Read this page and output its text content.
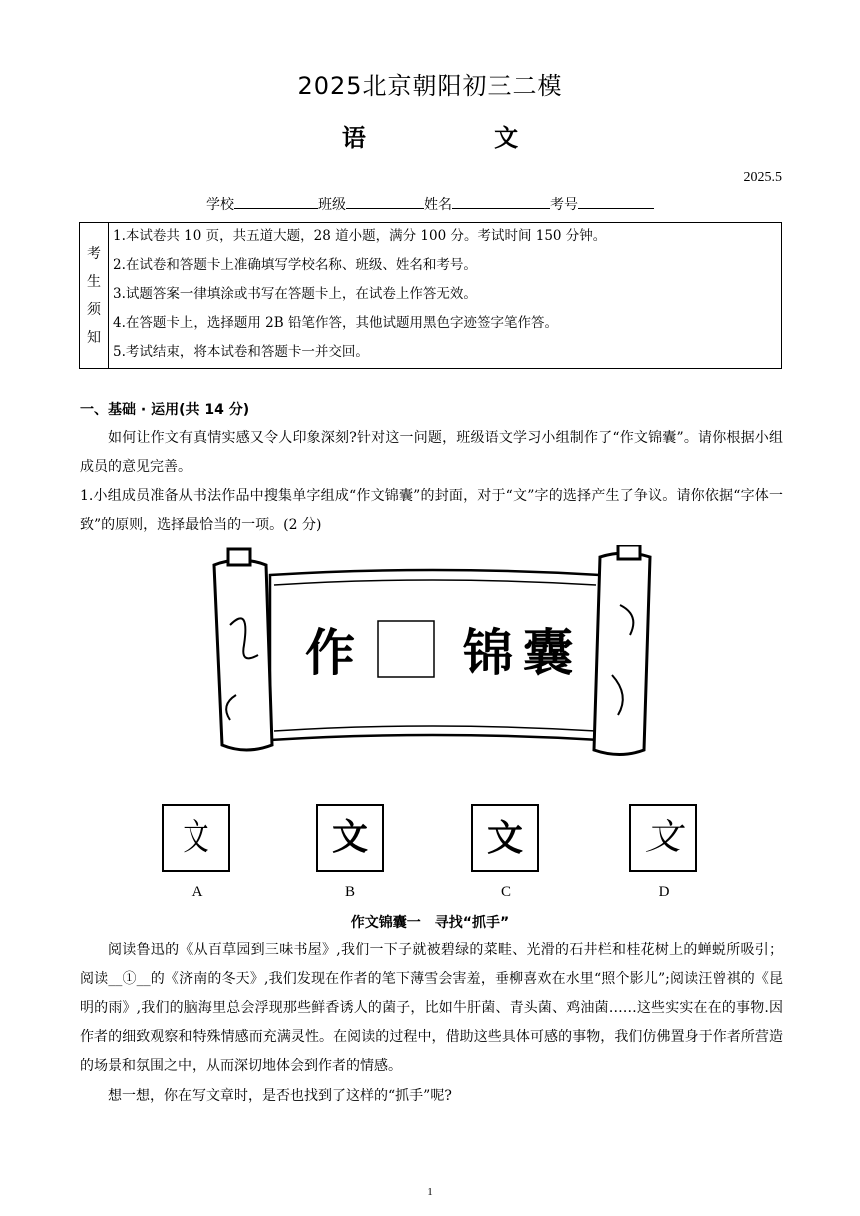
2025北京朝阳初三二模
语 文
2025.5
学校	班级	姓名	考号
考
生
须
知

1.本试卷共 10 页，共五道大题，28 道小题，满分 100 分。考试时间 150 分钟。
2.在试卷和答题卡上准确填写学校名称、班级、姓名和考号。
3.试题答案一律填涂或书写在答题卡上，在试卷上作答无效。
4.在答题卡上，选择题用 2B 铅笔作答，其他试题用黑色字迹签字笔作答。
5.考试结束，将本试卷和答题卡一并交回。
一、基础 · 运用(共 14 分)
如何让作文有真情实感又令人印象深刻?针对这一问题，班级语文学习小组制作了“作文锦囊”。请你根据小组成员的意见完善。
1.小组成员准备从书法作品中搜集单字组成“作文锦囊”的封面，对于“文”字的选择产生了争议。请你依据“字体一致”的原则，选择最恰当的一项。(2 分)
作 锦 囊
文	文	文	文
A	B	C	D
作文锦囊一　寻找“抓手”
阅读鲁迅的《从百草园到三味书屋》,我们一下子就被碧绿的菜畦、光滑的石井栏和桂花树上的蝉蜕所吸引；阅读__①__的《济南的冬天》,我们发现在作者的笔下薄雪会害羞，垂柳喜欢在水里“照个影儿”;阅读汪曾祺的《昆明的雨》,我们的脑海里总会浮现那些鲜香诱人的菌子，比如牛肝菌、青头菌、鸡油菌……这些实实在在的事物.因作者的细致观察和特殊情感而充满灵性。在阅读的过程中，借助这些具体可感的事物，我们仿佛置身于作者所营造的场景和氛围之中，从而深切地体会到作者的情感。
想一想，你在写文章时，是否也找到了这样的“抓手”呢?
1
